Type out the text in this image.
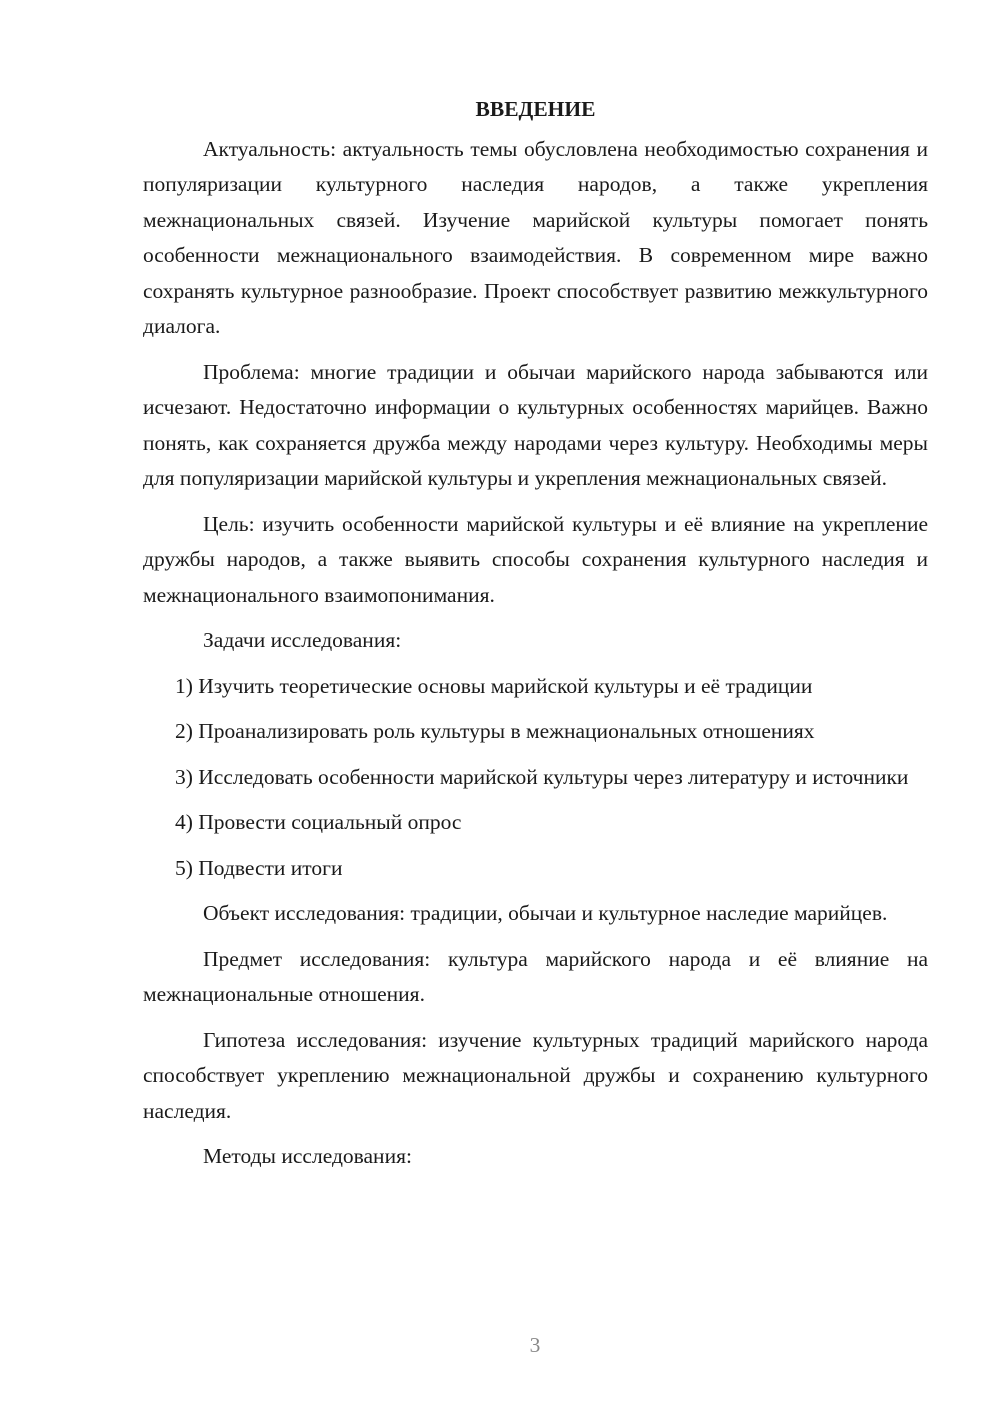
ВВЕДЕНИЕ

Актуальность: актуальность темы обусловлена необходимостью сохранения и популяризации культурного наследия народов, а также укрепления межнациональных связей. Изучение марийской культуры помогает понять особенности межнационального взаимодействия. В современном мире важно сохранять культурное разнообразие. Проект способствует развитию межкультурного диалога.

Проблема: многие традиции и обычаи марийского народа забываются или исчезают. Недостаточно информации о культурных особенностях марийцев. Важно понять, как сохраняется дружба между народами через культуру. Необходимы меры для популяризации марийской культуры и укрепления межнациональных связей.

Цель: изучить особенности марийской культуры и её влияние на укрепление дружбы народов, а также выявить способы сохранения культурного наследия и межнационального взаимопонимания.

Задачи исследования:

1) Изучить теоретические основы марийской культуры и её традиции

2) Проанализировать роль культуры в межнациональных отношениях

3) Исследовать особенности марийской культуры через литературу и источники

4) Провести социальный опрос

5) Подвести итоги

Объект исследования: традиции, обычаи и культурное наследие марийцев.

Предмет исследования: культура марийского народа и её влияние на межнациональные отношения.

Гипотеза исследования: изучение культурных традиций марийского народа способствует укреплению межнациональной дружбы и сохранению культурного наследия.

Методы исследования:

3
